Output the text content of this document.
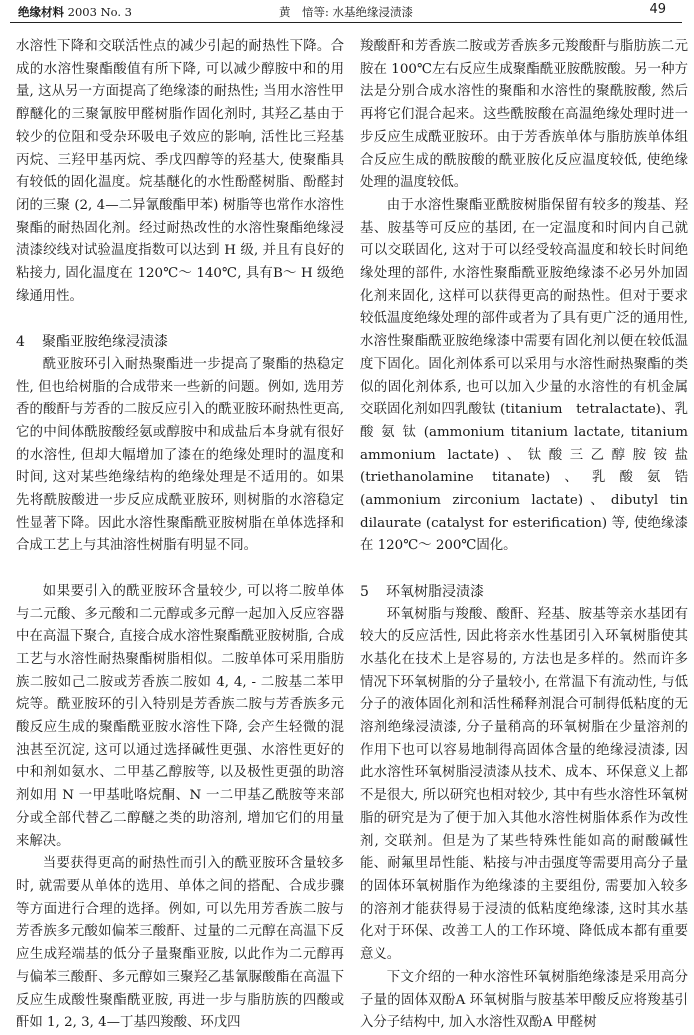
绝缘材料 2003 No. 3	黄　愔等: 水基绝缘浸渍漆	49

水溶性下降和交联活性点的减少引起的耐热性下降。合成的水溶性聚酯酸值有所下降, 可以减少醇胺中和的用量, 这从另一方面提高了绝缘漆的耐热性; 当用水溶性甲醇醚化的三聚氰胺甲醛树脂作固化剂时, 其羟乙基由于较少的位阻和受杂环吸电子效应的影响, 活性比三羟基丙烷、三羟甲基丙烷、季戊四醇等的羟基大, 使聚酯具有较低的固化温度。烷基醚化的水性酚醛树脂、酚醛封闭的三聚 (2, 4—二异氰酸酯甲苯) 树脂等也常作水溶性聚酯的耐热固化剂。经过耐热改性的水溶性聚酯绝缘浸渍漆绞线对试验温度指数可以达到 H 级, 并且有良好的粘接力, 固化温度在 120℃～ 140℃, 具有B～ H 级绝缘通用性。

4 聚酯亚胺绝缘浸渍漆

酰亚胺环引入耐热聚酯进一步提高了聚酯的热稳定性, 但也给树脂的合成带来一些新的问题。例如, 选用芳香的酸酐与芳香的二胺反应引入的酰亚胺环耐热性更高, 它的中间体酰胺酸经氨或醇胺中和成盐后本身就有很好的水溶性, 但却大幅增加了漆在的绝缘处理时的温度和时间, 这对某些绝缘结构的绝缘处理是不适用的。如果先将酰胺酸进一步反应成酰亚胺环, 则树脂的水溶稳定性显著下降。因此水溶性聚酯酰亚胺树脂在单体选择和合成工艺上与其油溶性树脂有明显不同。

如果要引入的酰亚胺环含量较少, 可以将二胺单体与二元酸、多元酸和二元醇或多元醇一起加入反应容器中在高温下聚合, 直接合成水溶性聚酯酰亚胺树脂, 合成工艺与水溶性耐热聚酯树脂相似。二胺单体可采用脂肪族二胺如己二胺或芳香族二胺如 4, 4, - 二胺基二苯甲烷等。酰亚胺环的引入特别是芳香族二胺与芳香族多元酸反应生成的聚酯酰亚胺水溶性下降, 会产生轻微的混浊甚至沉淀, 这可以通过选择碱性更强、水溶性更好的中和剂如氨水、二甲基乙醇胺等, 以及极性更强的助溶剂如用 N 一甲基吡咯烷酮、N 一二甲基乙酰胺等来部分或全部代替乙二醇醚之类的助溶剂, 增加它们的用量来解决。

当要获得更高的耐热性而引入的酰亚胺环含量较多时, 就需要从单体的选用、单体之间的搭配、合成步骤等方面进行合理的选择。例如, 可以先用芳香族二胺与芳香族多元酸如偏苯三酸酐、过量的二元醇在高温下反应生成羟端基的低分子量聚酯亚胺, 以此作为二元醇再与偏苯三酸酐、多元醇如三聚羟乙基氰脲酸酯在高温下反应生成酸性聚酯酰亚胺, 再进一步与脂肪族的四酸或酐如 1, 2, 3, 4—丁基四羧酸、环戊四

羧酸酐和芳香族二胺或芳香族多元羧酸酐与脂肪族二元胺在 100℃左右反应生成聚酯酰亚胺酰胺酸。另一种方法是分别合成水溶性的聚酯和水溶性的聚酰胺酸, 然后再将它们混合起来。这些酰胺酸在高温绝缘处理时进一步反应生成酰亚胺环。由于芳香族单体与脂肪族单体组合反应生成的酰胺酸的酰亚胺化反应温度较低, 使绝缘处理的温度较低。

由于水溶性聚酯亚酰胺树脂保留有较多的羧基、羟基、胺基等可反应的基团, 在一定温度和时间内自己就可以交联固化, 这对于可以经受较高温度和较长时间绝缘处理的部件, 水溶性聚酯酰亚胺绝缘漆不必另外加固化剂来固化, 这样可以获得更高的耐热性。但对于要求较低温度绝缘处理的部件或者为了具有更广泛的通用性, 水溶性聚酯酰亚胺绝缘漆中需要有固化剂以便在较低温度下固化。固化剂体系可以采用与水溶性耐热聚酯的类似的固化剂体系, 也可以加入少量的水溶性的有机金属交联固化剂如四乳酸钛 (titanium　tetralactate)、乳 酸 氨 钛 (ammonium titanium lactate, titanium ammonium lactate)、钛酸三乙醇胺铵盐 (triethanolamine titanate)、乳酸氨锆 (ammonium zirconium lactate)、dibutyl tin dilaurate (catalyst for esterification) 等, 使绝缘漆在 120℃～ 200℃固化。

5 环氧树脂浸渍漆

环氧树脂与羧酸、酸酐、羟基、胺基等亲水基团有较大的反应活性, 因此将亲水性基团引入环氧树脂使其水基化在技术上是容易的, 方法也是多样的。然而许多情况下环氧树脂的分子量较小, 在常温下有流动性, 与低分子的液体固化剂和活性稀释剂混合可制得低粘度的无溶剂绝缘浸渍漆, 分子量稍高的环氧树脂在少量溶剂的作用下也可以容易地制得高固体含量的绝缘浸渍漆, 因此水溶性环氧树脂浸渍漆从技术、成本、环保意义上都不是很大, 所以研究也相对较少, 其中有些水溶性环氧树脂的研究是为了便于加入其他水溶性树脂体系作为改性剂, 交联剂。但是为了某些特殊性能如高的耐酸碱性能、耐氟里昂性能、粘接与冲击强度等需要用高分子量的固体环氧树脂作为绝缘漆的主要组份, 需要加入较多的溶剂才能获得易于浸渍的低粘度绝缘漆, 这时其水基化对于环保、改善工人的工作环境、降低成本都有重要意义。

下文介绍的一种水溶性环氧树脂绝缘漆是采用高分子量的固体双酚A 环氧树脂与胺基苯甲酸反应将羧基引入分子结构中, 加入水溶性双酚A 甲醛树
